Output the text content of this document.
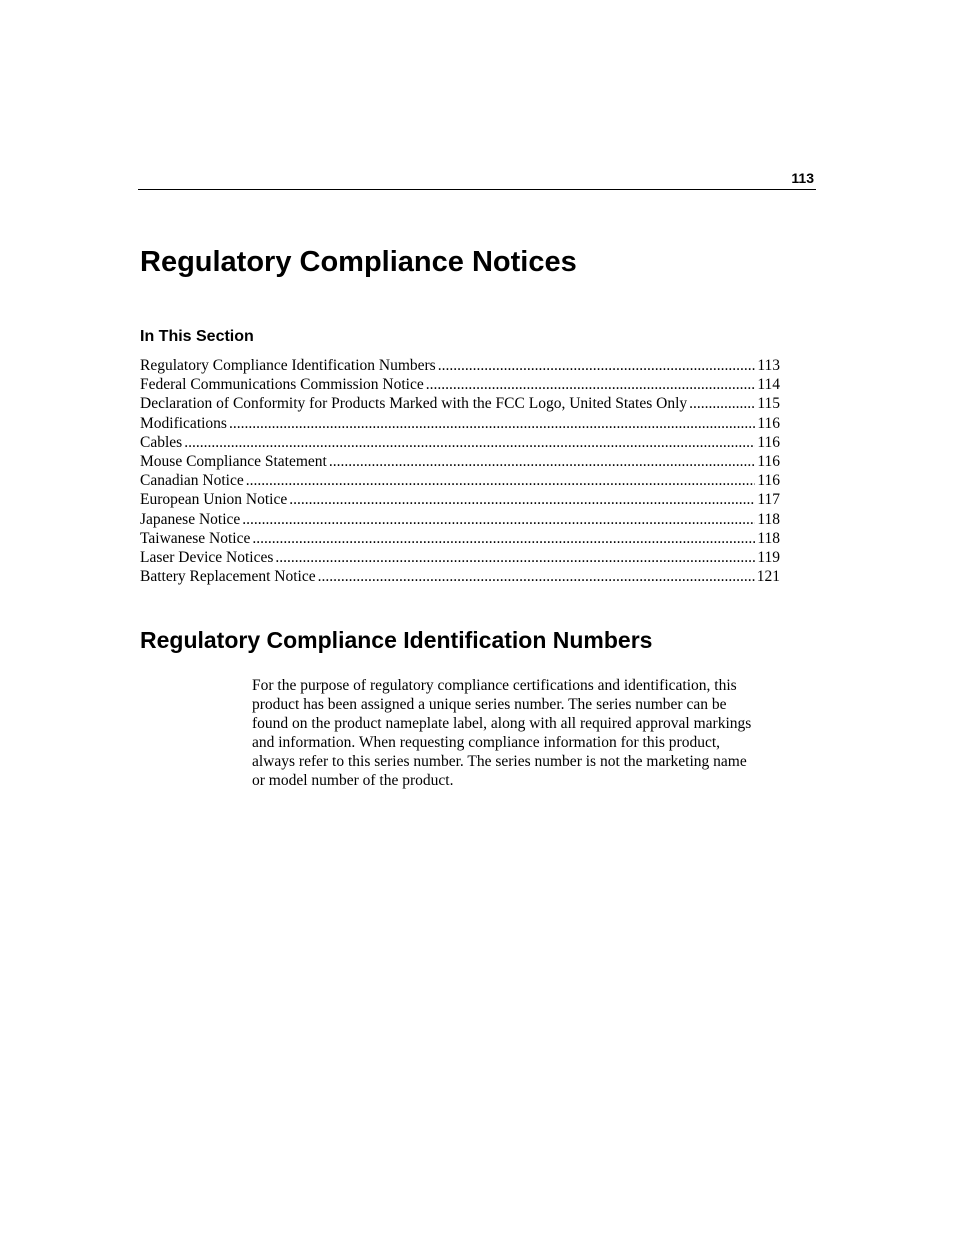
113
Regulatory Compliance Notices
In This Section
Regulatory Compliance Identification Numbers .....	113
Federal Communications Commission Notice .....	114
Declaration of Conformity for Products Marked with the FCC Logo, United States Only .....	115
Modifications .....	116
Cables .....	116
Mouse Compliance Statement .....	116
Canadian Notice .....	116
European Union Notice .....	117
Japanese Notice .....	118
Taiwanese Notice .....	118
Laser Device Notices .....	119
Battery Replacement Notice .....	121
Regulatory Compliance Identification Numbers

For the purpose of regulatory compliance certifications and identification, this
product has been assigned a unique series number. The series number can be
found on the product nameplate label, along with all required approval markings
and information. When requesting compliance information for this product,
always refer to this series number. The series number is not the marketing name
or model number of the product.
